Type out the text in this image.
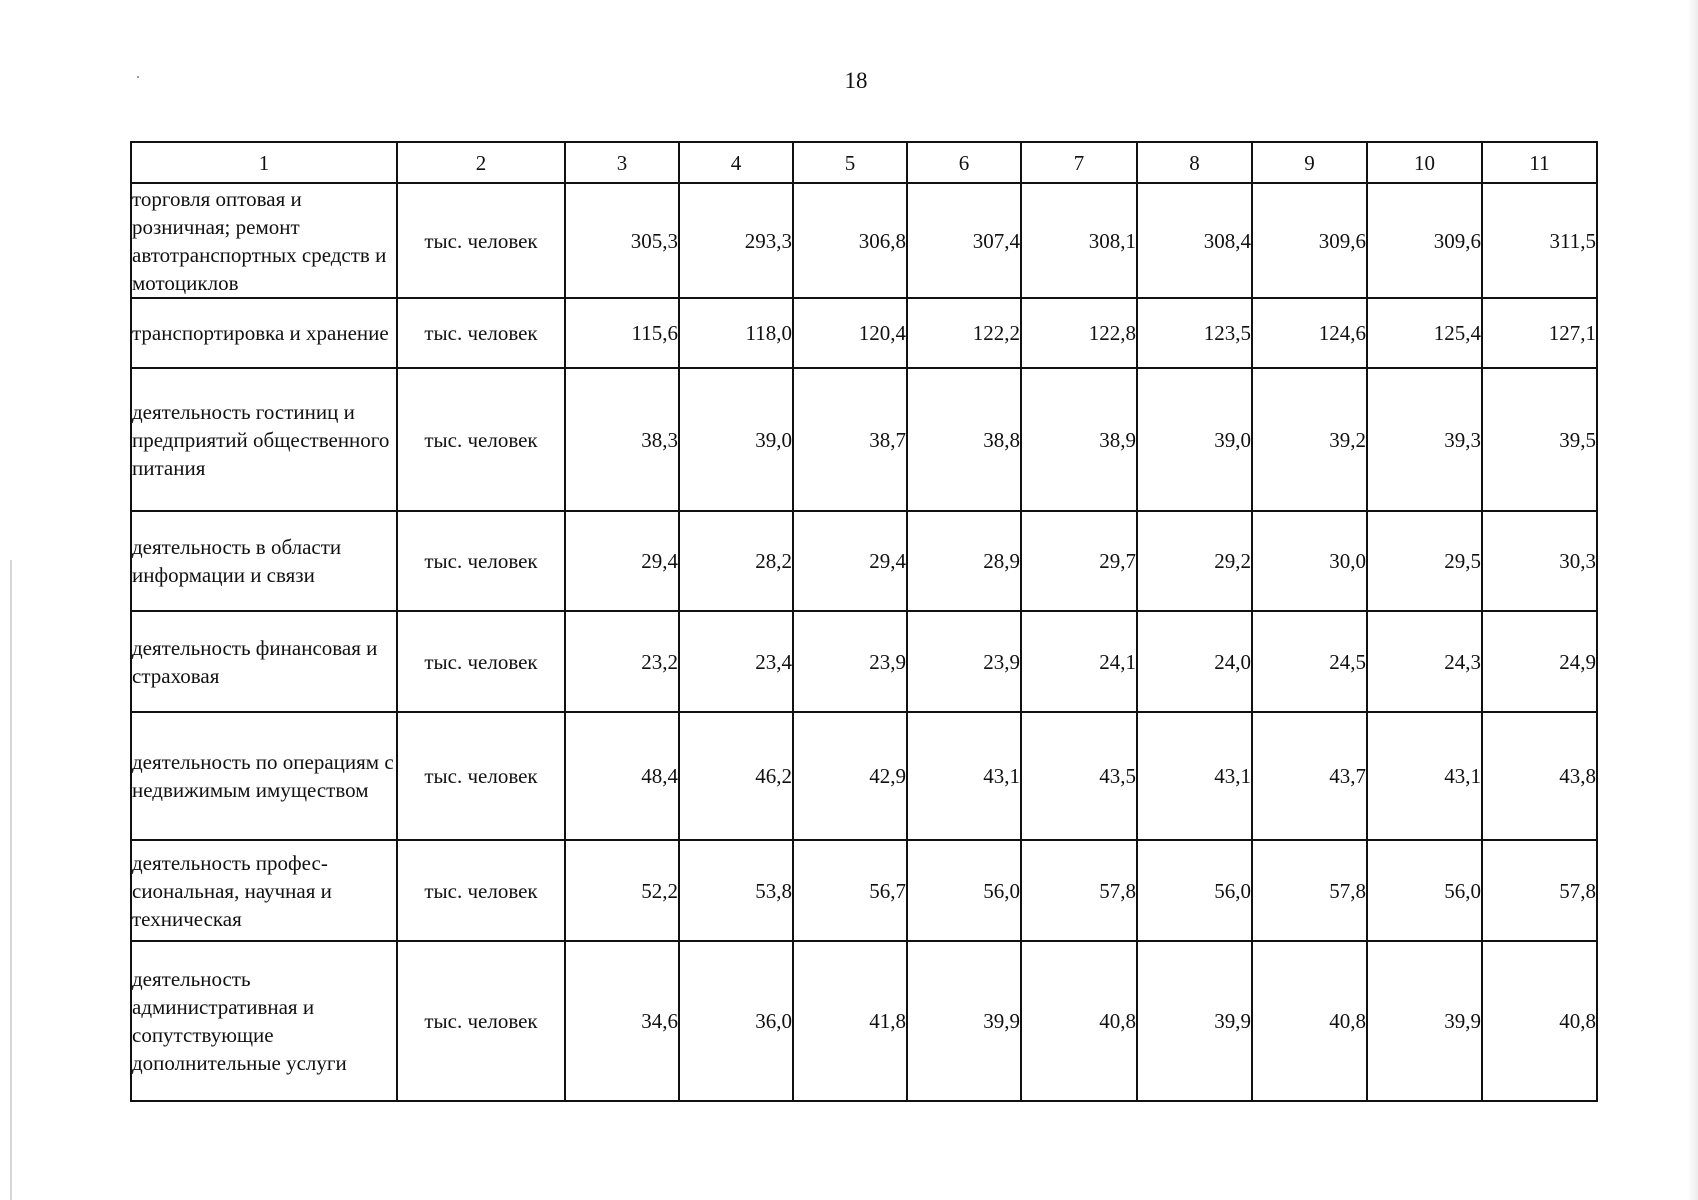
18
1	2	3	4	5	6	7	8	9	10	11
торговля оптовая и розничная; ремонт автотранспортных средств и мотоциклов	тыс. человек	305,3	293,3	306,8	307,4	308,1	308,4	309,6	309,6	311,5
транспортировка и хранение	тыс. человек	115,6	118,0	120,4	122,2	122,8	123,5	124,6	125,4	127,1
деятельность гостиниц и предприятий общественного питания	тыс. человек	38,3	39,0	38,7	38,8	38,9	39,0	39,2	39,3	39,5
деятельность в области информации и связи	тыс. человек	29,4	28,2	29,4	28,9	29,7	29,2	30,0	29,5	30,3
деятельность финансовая и страховая	тыс. человек	23,2	23,4	23,9	23,9	24,1	24,0	24,5	24,3	24,9
деятельность по операциям с недвижимым имуществом	тыс. человек	48,4	46,2	42,9	43,1	43,5	43,1	43,7	43,1	43,8
деятельность профес-сиональная, научная и техническая	тыс. человек	52,2	53,8	56,7	56,0	57,8	56,0	57,8	56,0	57,8
деятельность административная и сопутствующие дополнительные услуги	тыс. человек	34,6	36,0	41,8	39,9	40,8	39,9	40,8	39,9	40,8
